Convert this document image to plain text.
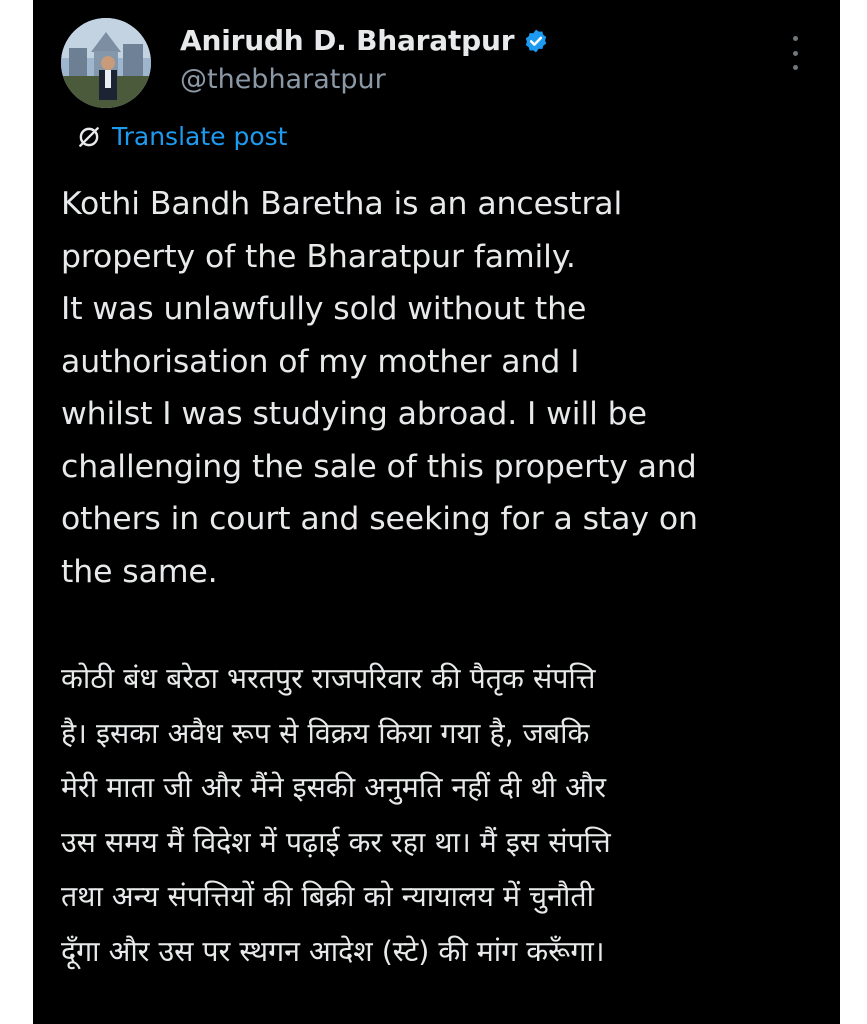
Anirudh D. Bharatpur
@thebharatpur
Translate post
Kothi Bandh Baretha is an ancestral
property of the Bharatpur family.
It was unlawfully sold without the
authorisation of my mother and I
whilst I was studying abroad. I will be
challenging the sale of this property and
others in court and seeking for a stay on
the same.
कोठी बंध बरेठा भरतपुर राजपरिवार की पैतृक संपत्ति
है। इसका अवैध रूप से विक्रय किया गया है, जबकि
मेरी माता जी और मैंने इसकी अनुमति नहीं दी थी और
उस समय मैं विदेश में पढ़ाई कर रहा था। मैं इस संपत्ति
तथा अन्य संपत्तियों की बिक्री को न्यायालय में चुनौती
दूँगा और उस पर स्थगन आदेश (स्टे) की मांग करूँगा।
